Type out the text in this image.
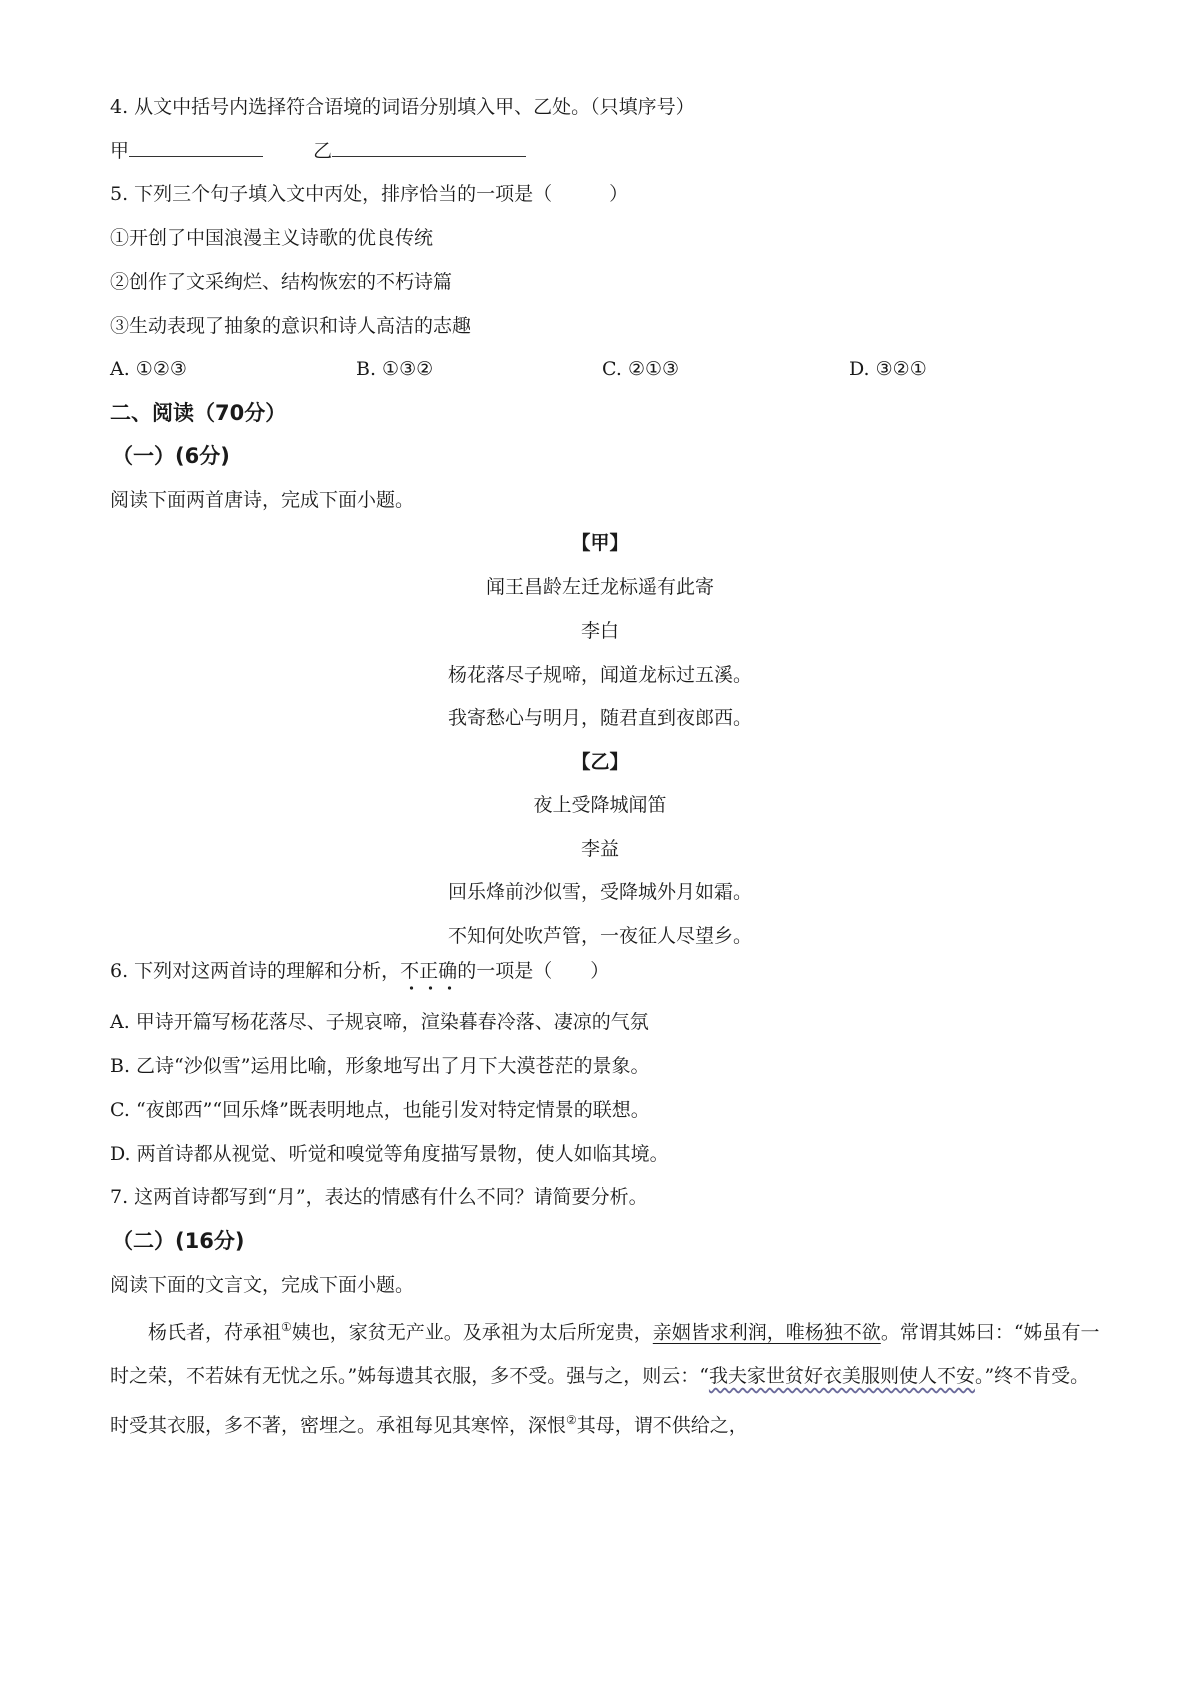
4. 从文中括号内选择符合语境的词语分别填入甲、乙处。（只填序号）
甲	乙
5. 下列三个句子填入文中丙处，排序恰当的一项是（　　　）
①开创了中国浪漫主义诗歌的优良传统
②创作了文采绚烂、结构恢宏的不朽诗篇
③生动表现了抽象的意识和诗人高洁的志趣
A. ①②③	B. ①③②	C. ②①③	D. ③②①
二、阅读（70分）
（一）(6分)
阅读下面两首唐诗，完成下面小题。
【甲】
闻王昌龄左迁龙标遥有此寄
李白
杨花落尽子规啼，闻道龙标过五溪。
我寄愁心与明月，随君直到夜郎西。
【乙】
夜上受降城闻笛
李益
回乐烽前沙似雪，受降城外月如霜。
不知何处吹芦管，一夜征人尽望乡。
6. 下列对这两首诗的理解和分析，不正确的一项是（　　）
A. 甲诗开篇写杨花落尽、子规哀啼，渲染暮春冷落、凄凉的气氛
B. 乙诗“沙似雪”运用比喻，形象地写出了月下大漠苍茫的景象。
C. “夜郎西”“回乐烽”既表明地点，也能引发对特定情景的联想。
D. 两首诗都从视觉、听觉和嗅觉等角度描写景物，使人如临其境。
7. 这两首诗都写到“月”，表达的情感有什么不同？请简要分析。
（二）(16分)
阅读下面的文言文，完成下面小题。
杨氏者，苻承祖①姨也，家贫无产业。及承祖为太后所宠贵，亲姻皆求利润，唯杨独不欲。常谓其姊曰：“姊虽有一时之荣，不若妹有无忧之乐。”姊每遗其衣服，多不受。强与之，则云：“我夫家世贫好衣美服则使人不安。”终不肯受。时受其衣服，多不著，密埋之。承祖每见其寒悴，深恨②其母，谓不供给之，
